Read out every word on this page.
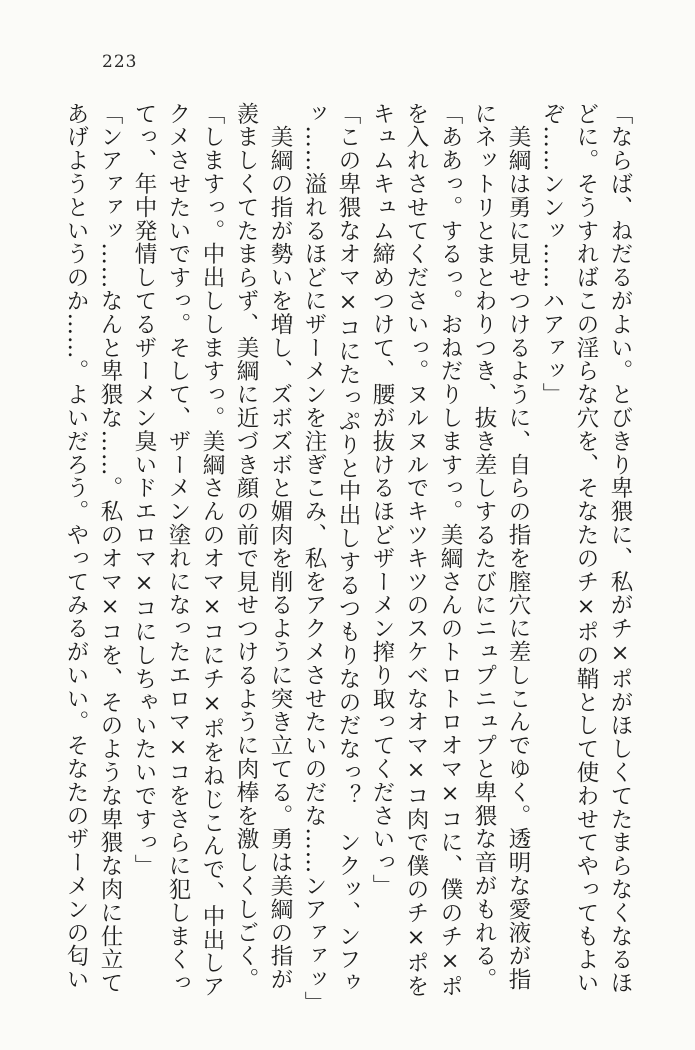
223

「ならば、ねだるがよい。とびきり卑猥に、私がチ×ポがほしくてたまらなくなるほ

どに。そうすればこの淫らな穴を、そなたのチ×ポの鞘として使わせてやってもよい

ぞ……ンンッ……ハアァッ」

　美綱は勇に見せつけるように、自らの指を膣穴に差しこんでゆく。透明な愛液が指

にネットリとまとわりつき、抜き差しするたびにニュプニュプと卑猥な音がもれる。

「ああっ。するっ。おねだりしますっ。美綱さんのトロトロオマ×コに、僕のチ×ポ

を入れさせてくださいっ。ヌルヌルでキツキツのスケベなオマ×コ肉で僕のチ×ポを

キュムキュム締めつけて、腰が抜けるほどザーメン搾り取ってくださいっ」

「この卑猥なオマ×コにたっぷりと中出しするつもりなのだなっ？　ンクッ、ンフゥ

ッ……溢れるほどにザーメンを注ぎこみ、私をアクメさせたいのだな……ンアァァッ」

　美綱の指が勢いを増し、ズボズボと媚肉を削るように突き立てる。勇は美綱の指が

羨ましくてたまらず、美綱に近づき顔の前で見せつけるように肉棒を激しくしごく。

「しますっ。中出ししますっ。美綱さんのオマ×コにチ×ポをねじこんで、中出しア

クメさせたいですっ。そして、ザーメン塗れになったエロマ×コをさらに犯しまくっ

てっ、年中発情してるザーメン臭いドエロマ×コにしちゃいたいですっ」

「ンアァァッ……なんと卑猥な……。私のオマ×コを、そのような卑猥な肉に仕立て

あげようというのか……。よいだろう。やってみるがいい。そなたのザーメンの匂い
